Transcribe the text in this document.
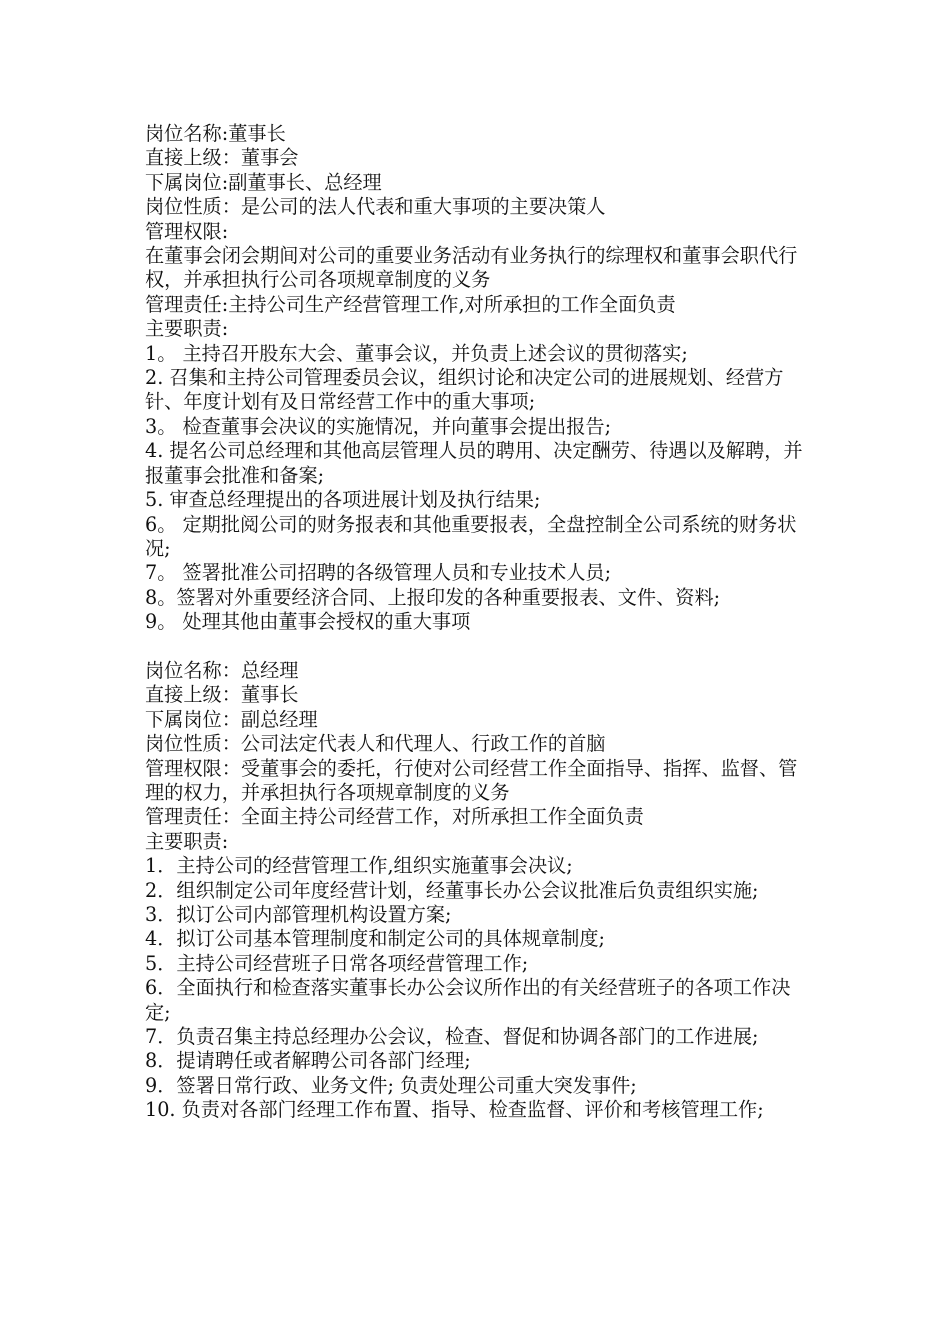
岗位名称:董事长
直接上级：董事会
下属岗位:副董事长、总经理
岗位性质：是公司的法人代表和重大事项的主要决策人
管理权限:
在董事会闭会期间对公司的重要业务活动有业务执行的综理权和董事会职代行权，并承担执行公司各项规章制度的义务
管理责任:主持公司生产经营管理工作,对所承担的工作全面负责
主要职责:
1。 主持召开股东大会、董事会议，并负责上述会议的贯彻落实;
2. 召集和主持公司管理委员会议，组织讨论和决定公司的进展规划、经营方针、年度计划有及日常经营工作中的重大事项;
3。 检查董事会决议的实施情况，并向董事会提出报告;
4. 提名公司总经理和其他高层管理人员的聘用、决定酬劳、待遇以及解聘，并报董事会批准和备案;
5. 审查总经理提出的各项进展计划及执行结果;
6。 定期批阅公司的财务报表和其他重要报表，全盘控制全公司系统的财务状况;
7。 签署批准公司招聘的各级管理人员和专业技术人员;
8。签署对外重要经济合同、上报印发的各种重要报表、文件、资料;
9。 处理其他由董事会授权的重大事项
岗位名称：总经理
直接上级：董事长
下属岗位：副总经理
岗位性质：公司法定代表人和代理人、行政工作的首脑
管理权限：受董事会的委托，行使对公司经营工作全面指导、指挥、监督、管理的权力，并承担执行各项规章制度的义务
管理责任：全面主持公司经营工作，对所承担工作全面负责
主要职责:
1．主持公司的经营管理工作,组织实施董事会决议;
2．组织制定公司年度经营计划，经董事长办公会议批准后负责组织实施;
3．拟订公司内部管理机构设置方案;
4．拟订公司基本管理制度和制定公司的具体规章制度;
5．主持公司经营班子日常各项经营管理工作;
6．全面执行和检查落实董事长办公会议所作出的有关经营班子的各项工作决定;
7．负责召集主持总经理办公会议，检查、督促和协调各部门的工作进展;
8．提请聘任或者解聘公司各部门经理;
9．签署日常行政、业务文件; 负责处理公司重大突发事件;
10. 负责对各部门经理工作布置、指导、检查监督、评价和考核管理工作;
